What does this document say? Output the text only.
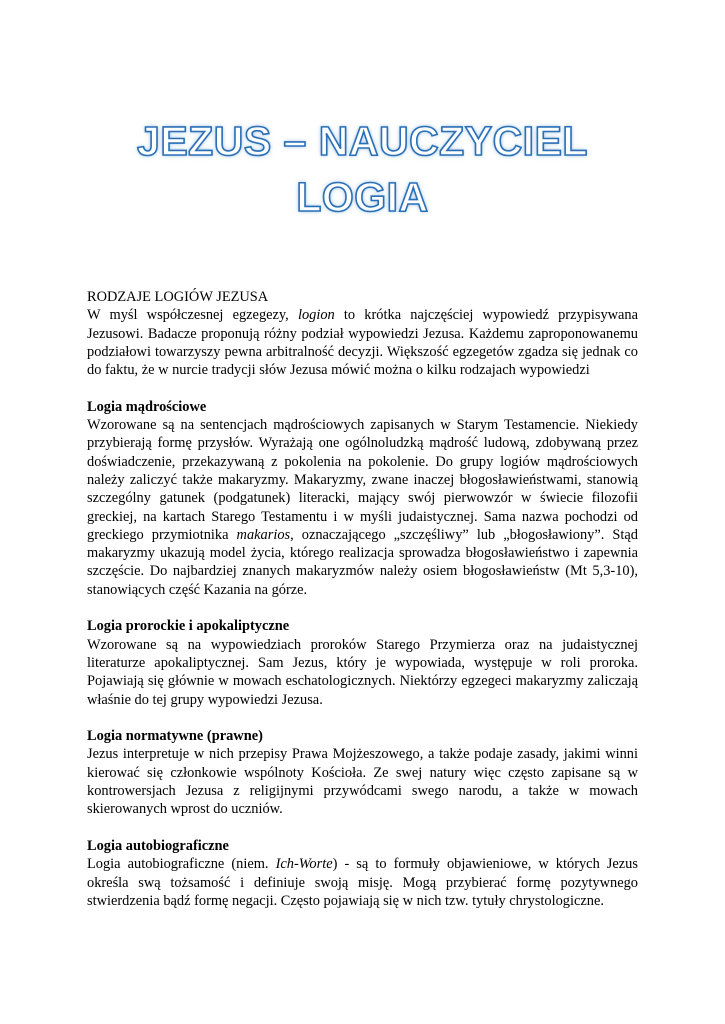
JEZUS – NAUCZYCIEL
LOGIA

RODZAJE LOGIÓW JEZUSA

W myśl współczesnej egzegezy, logion to krótka najczęściej wypowiedź przypisywana Jezusowi. Badacze proponują różny podział wypowiedzi Jezusa. Każdemu zaproponowanemu podziałowi towarzyszy pewna arbitralność decyzji. Większość egzegetów zgadza się jednak co do faktu, że w nurcie tradycji słów Jezusa mówić można o kilku rodzajach wypowiedzi

Logia mądrościowe

Wzorowane są na sentencjach mądrościowych zapisanych w Starym Testamencie. Niekiedy przybierają formę przysłów. Wyrażają one ogólnoludzką mądrość ludową, zdobywaną przez doświadczenie, przekazywaną z pokolenia na pokolenie. Do grupy logiów mądrościowych należy zaliczyć także makaryzmy. Makaryzmy, zwane inaczej błogosławieństwami, stanowią szczególny gatunek (podgatunek) literacki, mający swój pierwowzór w świecie filozofii greckiej, na kartach Starego Testamentu i w myśli judaistycznej. Sama nazwa pochodzi od greckiego przymiotnika makarios, oznaczającego „szczęśliwy” lub „błogosławiony”. Stąd makaryzmy ukazują model życia, którego realizacja sprowadza błogosławieństwo i zapewnia szczęście. Do najbardziej znanych makaryzmów należy osiem błogosławieństw (Mt 5,3-10), stanowiących część Kazania na górze.

Logia prorockie i apokaliptyczne

Wzorowane są na wypowiedziach proroków Starego Przymierza oraz na judaistycznej literaturze apokaliptycznej. Sam Jezus, który je wypowiada, występuje w roli proroka. Pojawiają się głównie w mowach eschatologicznych. Niektórzy egzegeci makaryzmy zaliczają właśnie do tej grupy wypowiedzi Jezusa.

Logia normatywne (prawne)

Jezus interpretuje w nich przepisy Prawa Mojżeszowego, a także podaje zasady, jakimi winni kierować się członkowie wspólnoty Kościoła. Ze swej natury więc często zapisane są w kontrowersjach Jezusa z religijnymi przywódcami swego narodu, a także w mowach skierowanych wprost do uczniów.

Logia autobiograficzne

Logia autobiograficzne (niem. Ich-Worte) - są to formuły objawieniowe, w których Jezus określa swą tożsamość i definiuje swoją misję. Mogą przybierać formę pozytywnego stwierdzenia bądź formę negacji. Często pojawiają się w nich tzw. tytuły chrystologiczne.
